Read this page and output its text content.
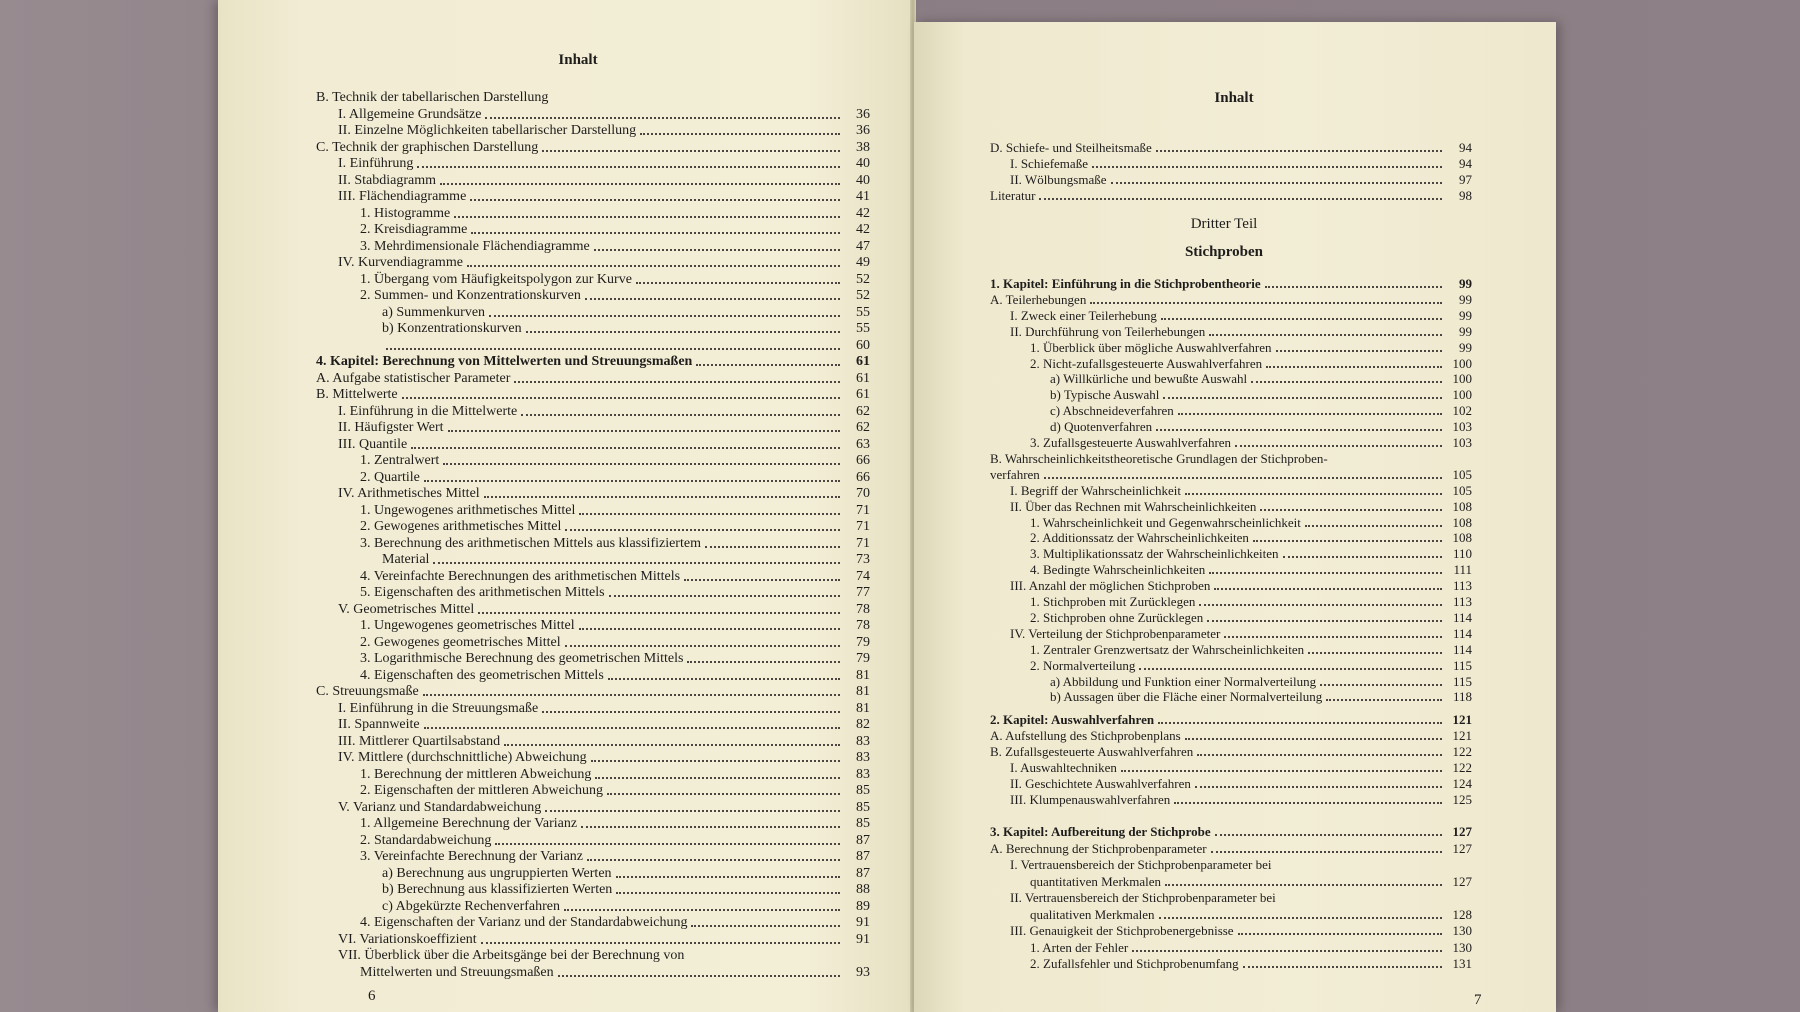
Inhalt
B. Technik der tabellarischen Darstellung
I. Allgemeine Grundsätze	36
II. Einzelne Möglichkeiten tabellarischer Darstellung	36
C. Technik der graphischen Darstellung	38
I. Einführung	40
II. Stabdiagramm	40
III. Flächendiagramme	41
1. Histogramme	42
2. Kreisdiagramme	42
3. Mehrdimensionale Flächendiagramme	47
IV. Kurvendiagramme	49
1. Übergang vom Häufigkeitspolygon zur Kurve	52
2. Summen- und Konzentrationskurven	52
a) Summenkurven	55
b) Konzentrationskurven	55
60
4. Kapitel: Berechnung von Mittelwerten und Streuungsmaßen	61
A. Aufgabe statistischer Parameter	61
B. Mittelwerte	61
I. Einführung in die Mittelwerte	62
II. Häufigster Wert	62
III. Quantile	63
1. Zentralwert	66
2. Quartile	66
IV. Arithmetisches Mittel	70
1. Ungewogenes arithmetisches Mittel	71
2. Gewogenes arithmetisches Mittel	71
3. Berechnung des arithmetischen Mittels aus klassifiziertem	71
Material	73
4. Vereinfachte Berechnungen des arithmetischen Mittels	74
5. Eigenschaften des arithmetischen Mittels	77
V. Geometrisches Mittel	78
1. Ungewogenes geometrisches Mittel	78
2. Gewogenes geometrisches Mittel	79
3. Logarithmische Berechnung des geometrischen Mittels	79
4. Eigenschaften des geometrischen Mittels	81
C. Streuungsmaße	81
I. Einführung in die Streuungsmaße	81
II. Spannweite	82
III. Mittlerer Quartilsabstand	83
IV. Mittlere (durchschnittliche) Abweichung	83
1. Berechnung der mittleren Abweichung	83
2. Eigenschaften der mittleren Abweichung	85
V. Varianz und Standardabweichung	85
1. Allgemeine Berechnung der Varianz	85
2. Standardabweichung	87
3. Vereinfachte Berechnung der Varianz	87
a) Berechnung aus ungruppierten Werten	87
b) Berechnung aus klassifizierten Werten	88
c) Abgekürzte Rechenverfahren	89
4. Eigenschaften der Varianz und der Standardabweichung	91
VI. Variationskoeffizient	91
VII. Überblick über die Arbeitsgänge bei der Berechnung von
Mittelwerten und Streuungsmaßen	93
6
Inhalt
D. Schiefe- und Steilheitsmaße	94
I. Schiefemaße	94
II. Wölbungsmaße	97
Literatur	98
Dritter Teil
Stichproben
1. Kapitel: Einführung in die Stichprobentheorie	99
A. Teilerhebungen	99
I. Zweck einer Teilerhebung	99
II. Durchführung von Teilerhebungen	99
1. Überblick über mögliche Auswahlverfahren	99
2. Nicht-zufallsgesteuerte Auswahlverfahren	100
a) Willkürliche und bewußte Auswahl	100
b) Typische Auswahl	100
c) Abschneideverfahren	102
d) Quotenverfahren	103
3. Zufallsgesteuerte Auswahlverfahren	103
B. Wahrscheinlichkeitstheoretische Grundlagen der Stichproben-
verfahren	105
I. Begriff der Wahrscheinlichkeit	105
II. Über das Rechnen mit Wahrscheinlichkeiten	108
1. Wahrscheinlichkeit und Gegenwahrscheinlichkeit	108
2. Additionssatz der Wahrscheinlichkeiten	108
3. Multiplikationssatz der Wahrscheinlichkeiten	110
4. Bedingte Wahrscheinlichkeiten	111
III. Anzahl der möglichen Stichproben	113
1. Stichproben mit Zurücklegen	113
2. Stichproben ohne Zurücklegen	114
IV. Verteilung der Stichprobenparameter	114
1. Zentraler Grenzwertsatz der Wahrscheinlichkeiten	114
2. Normalverteilung	115
a) Abbildung und Funktion einer Normalverteilung	115
b) Aussagen über die Fläche einer Normalverteilung	118
2. Kapitel: Auswahlverfahren	121
A. Aufstellung des Stichprobenplans	121
B. Zufallsgesteuerte Auswahlverfahren	122
I. Auswahltechniken	122
II. Geschichtete Auswahlverfahren	124
III. Klumpenauswahlverfahren	125
3. Kapitel: Aufbereitung der Stichprobe	127
A. Berechnung der Stichprobenparameter	127
I. Vertrauensbereich der Stichprobenparameter bei
quantitativen Merkmalen	127
II. Vertrauensbereich der Stichprobenparameter bei
qualitativen Merkmalen	128
III. Genauigkeit der Stichprobenergebnisse	130
1. Arten der Fehler	130
2. Zufallsfehler und Stichprobenumfang	131
7
